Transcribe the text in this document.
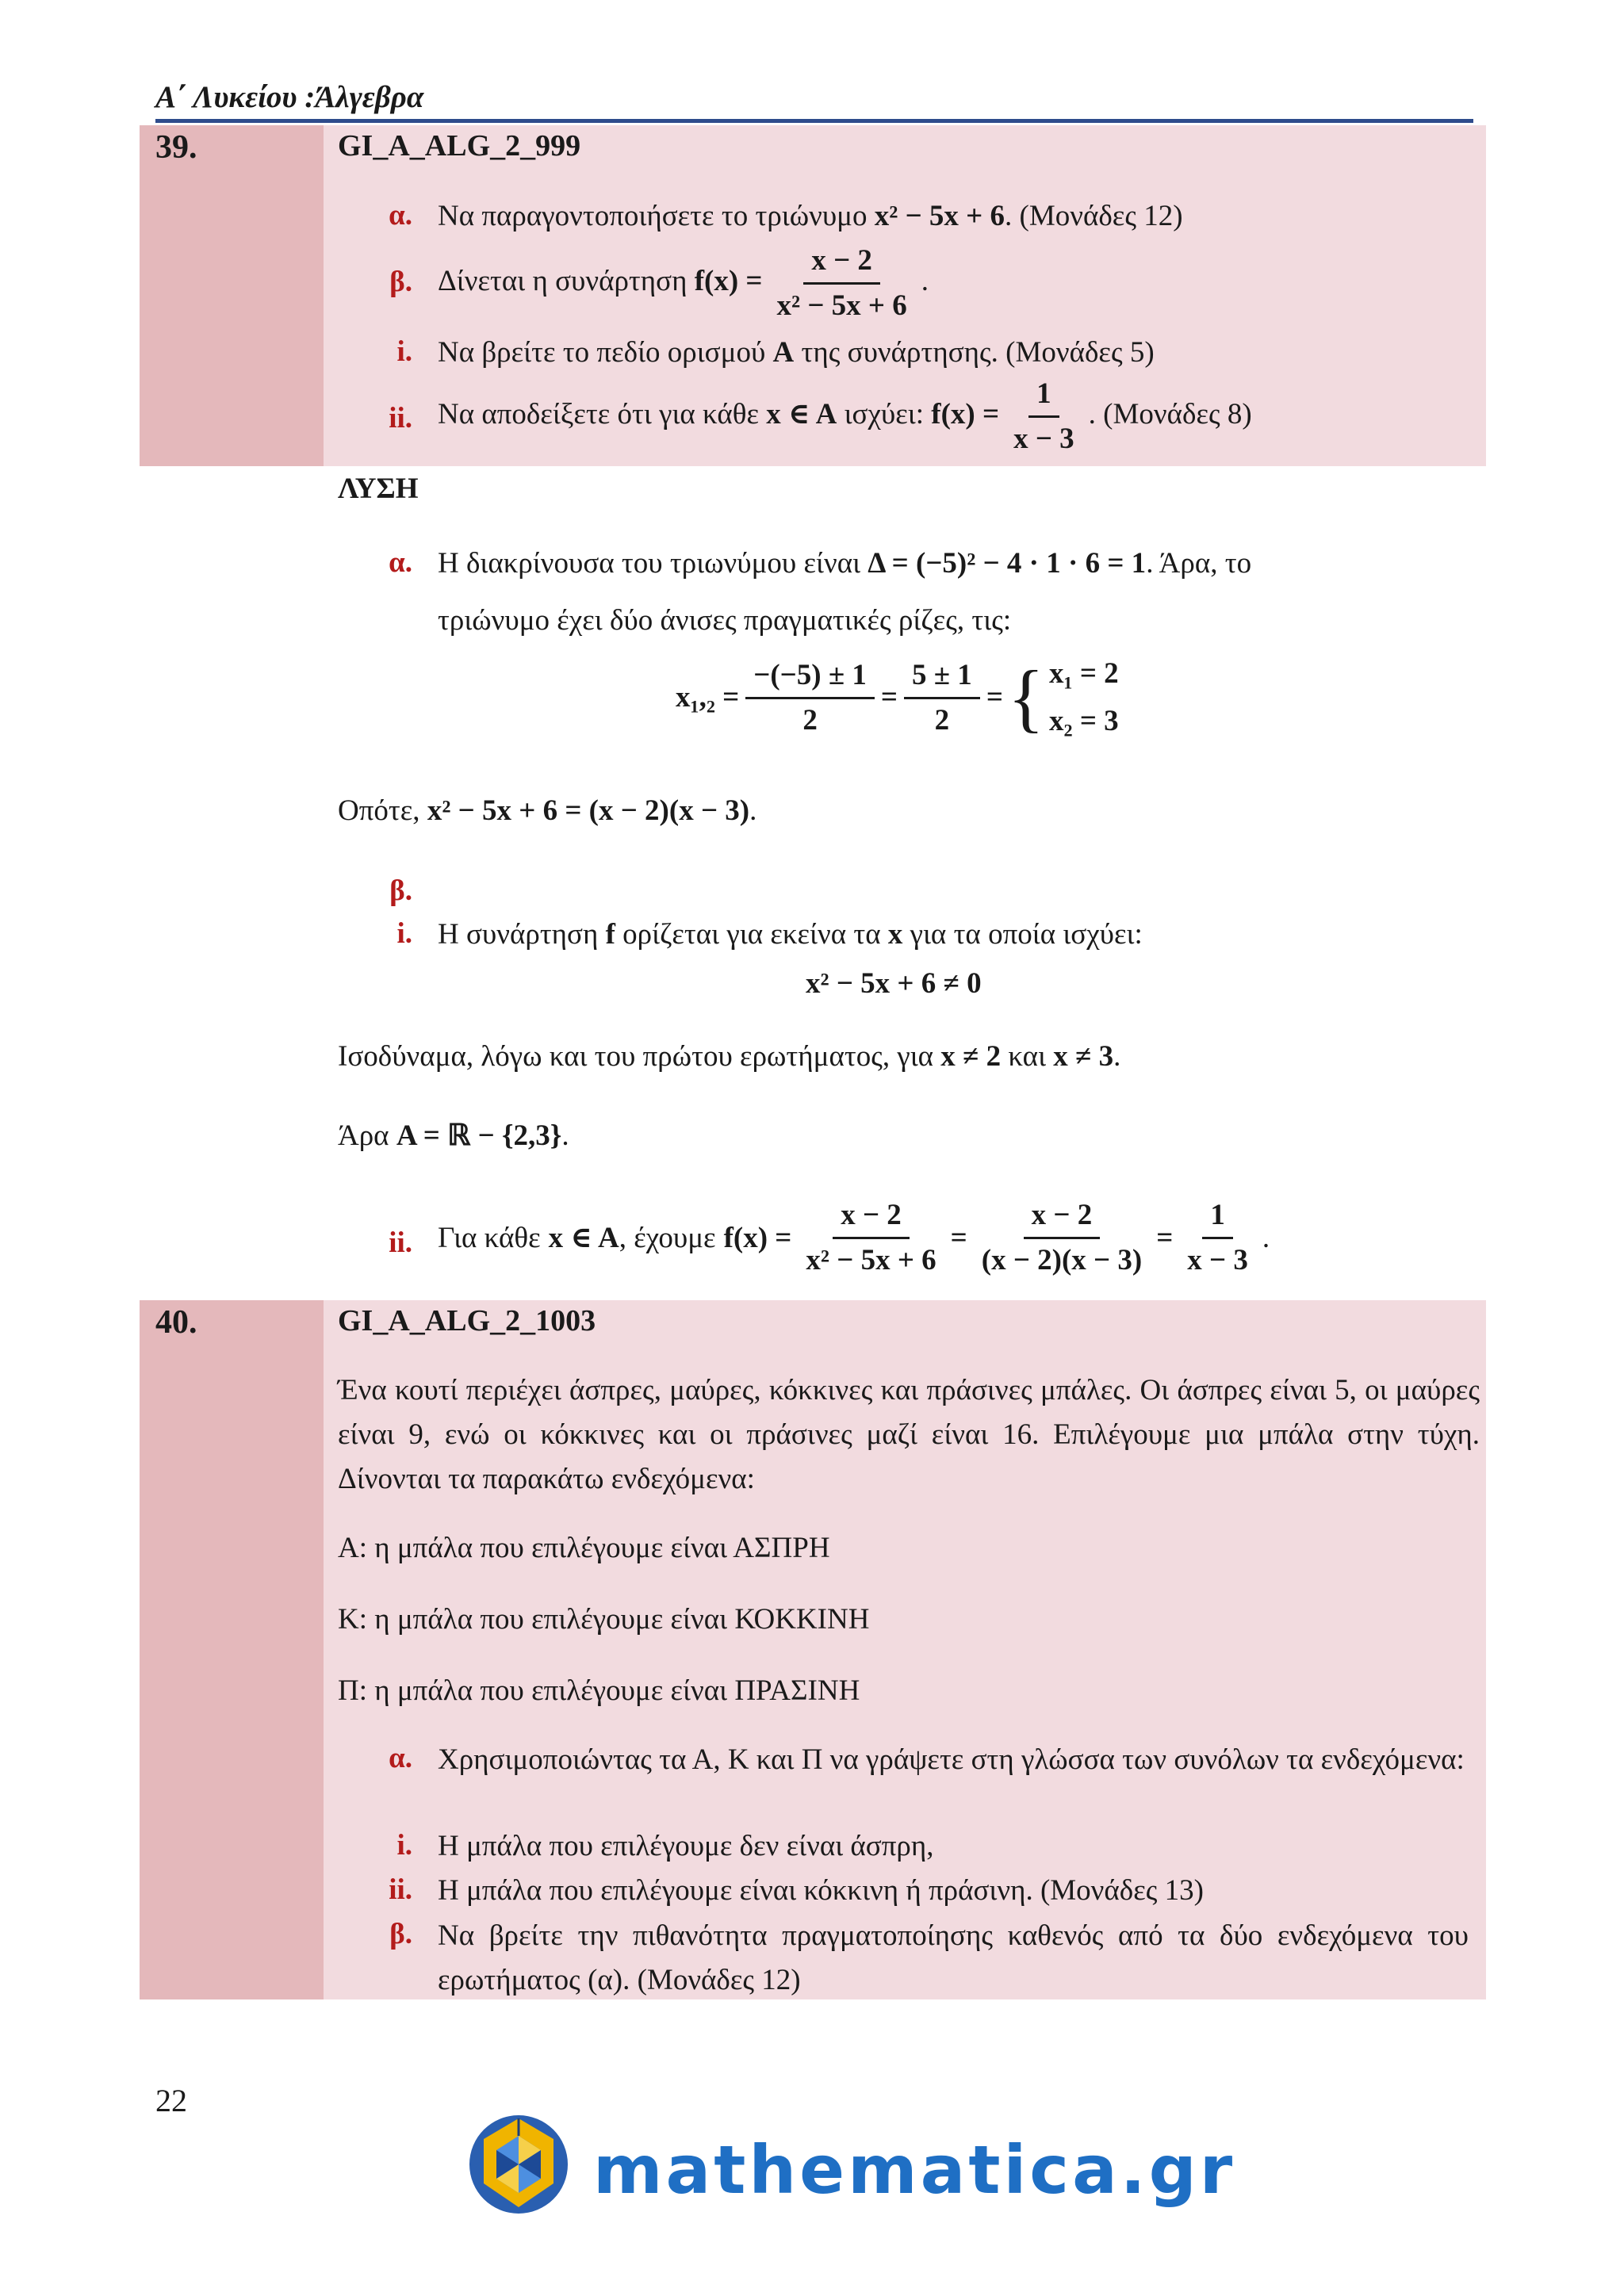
Α΄ Λυκείου :Άλγεβρα
39.	GI_A_ALG_2_999
α. Να παραγοντοποιήσετε το τριώνυμο x² − 5x + 6. (Μονάδες 12)
β. Δίνεται η συνάρτηση $f(x) = \frac{x - 2}{\text{x² − 5x + 6}}$ .
i. Να βρείτε το πεδίο ορισμού A της συνάρτησης. (Μονάδες 5)
ii. Να αποδείξετε ότι για κάθε x ∈ A ισχύει: $f(x) = \frac{1}{x - 3}$ . (Μονάδες 8)
ΛΥΣΗ
α. Η διακρίνουσα του τριωνύμου είναι Δ = (−5)² − 4 · 1 · 6 = 1. Άρα, το
τριώνυμο έχει δύο άνισες πραγματικές ρίζες, τις:
$x_1,_2 = \frac{-(-5) \pm 1}{2} = \frac{5 \pm 1}{2}$ = { x₁ = 2
x₂ = 3
Οπότε, x² − 5x + 6 = (x − 2)(x − 3).
β.
i. Η συνάρτηση f ορίζεται για εκείνα τα x για τα οποία ισχύει:
x² − 5x + 6 ≠ 0
Ισοδύναμα, λόγω και του πρώτου ερωτήματος, για x ≠ 2 και x ≠ 3.
Άρα A = ℝ − {2,3}.
ii. Για κάθε x ∈ A , έχουμε $f(x) = \frac{x - 2}{\text{x² − 5x + 6}} = \frac{x - 2}{(x - 2)(x - 3)} = \frac{1}{x - 3}$ .
40.	GI_A_ALG_2_1003
Ένα κουτί περιέχει άσπρες, μαύρες, κόκκινες και πράσινες μπάλες. Οι άσπρες είναι 5, οι μαύρες είναι 9, ενώ οι κόκκινες και οι πράσινες μαζί είναι 16. Επιλέγουμε μια μπάλα στην τύχη. Δίνονται τα παρακάτω ενδεχόμενα:
Α: η μπάλα που επιλέγουμε είναι ΑΣΠΡΗ
Κ: η μπάλα που επιλέγουμε είναι ΚΟΚΚΙΝΗ
Π: η μπάλα που επιλέγουμε είναι ΠΡΑΣΙΝΗ
α. Χρησιμοποιώντας τα Α, Κ και Π να γράψετε στη γλώσσα των συνόλων τα ενδεχόμενα:
i. Η μπάλα που επιλέγουμε δεν είναι άσπρη,
ii. Η μπάλα που επιλέγουμε είναι κόκκινη ή πράσινη. (Μονάδες 13)
β. Να βρείτε την πιθανότητα πραγματοποίησης καθενός από τα δύο ενδεχόμενα του ερωτήματος (α). (Μονάδες 12)
22
mathematica.gr
